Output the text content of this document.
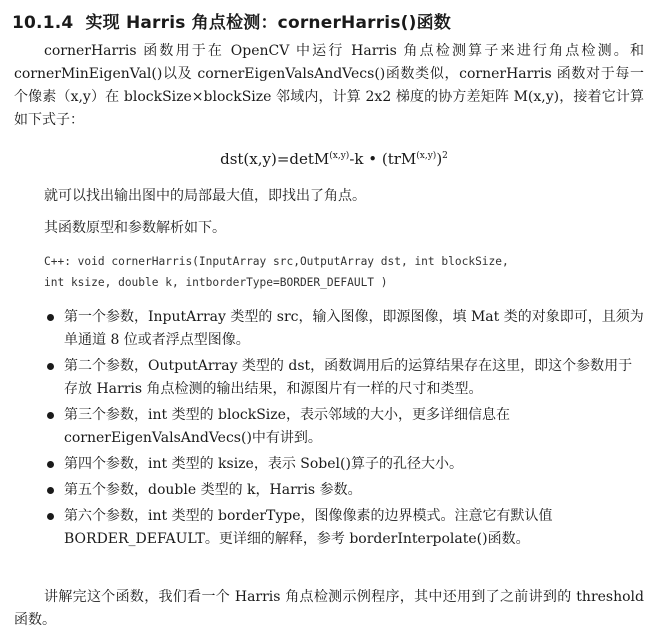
10.1.4 实现 Harris 角点检测：cornerHarris()函数
cornerHarris 函数用于在 OpenCV 中运行 Harris 角点检测算子来进行角点检测。和 cornerMinEigenVal()以及 cornerEigenValsAndVecs()函数类似，cornerHarris 函数对于每一个像素（x,y）在 blockSize×blockSize 邻域内，计算 2x2 梯度的协方差矩阵 M(x,y)，接着它计算如下式子：
dst(x,y)=detM$^{(x,y)}$-k • $(trM^{(x,y)})^2$
就可以找出输出图中的局部最大值，即找出了角点。
其函数原型和参数解析如下。
C++: void cornerHarris(InputArray src,OutputArray dst, int blockSize,
int ksize, double k, intborderType=BORDER_DEFAULT )
第一个参数，InputArray 类型的 src，输入图像，即源图像，填 Mat 类的对象即可，且须为单通道 8 位或者浮点型图像。
第二个参数，OutputArray 类型的 dst，函数调用后的运算结果存在这里，即这个参数用于存放 Harris 角点检测的输出结果，和源图片有一样的尺寸和类型。
第三个参数，int 类型的 blockSize，表示邻域的大小，更多详细信息在 cornerEigenValsAndVecs()中有讲到。
第四个参数，int 类型的 ksize，表示 Sobel()算子的孔径大小。
第五个参数，double 类型的 k，Harris 参数。
第六个参数，int 类型的 borderType，图像像素的边界模式。注意它有默认值 BORDER_DEFAULT。更详细的解释，参考 borderInterpolate()函数。
讲解完这个函数，我们看一个 Harris 角点检测示例程序，其中还用到了之前讲到的 threshold 函数。
